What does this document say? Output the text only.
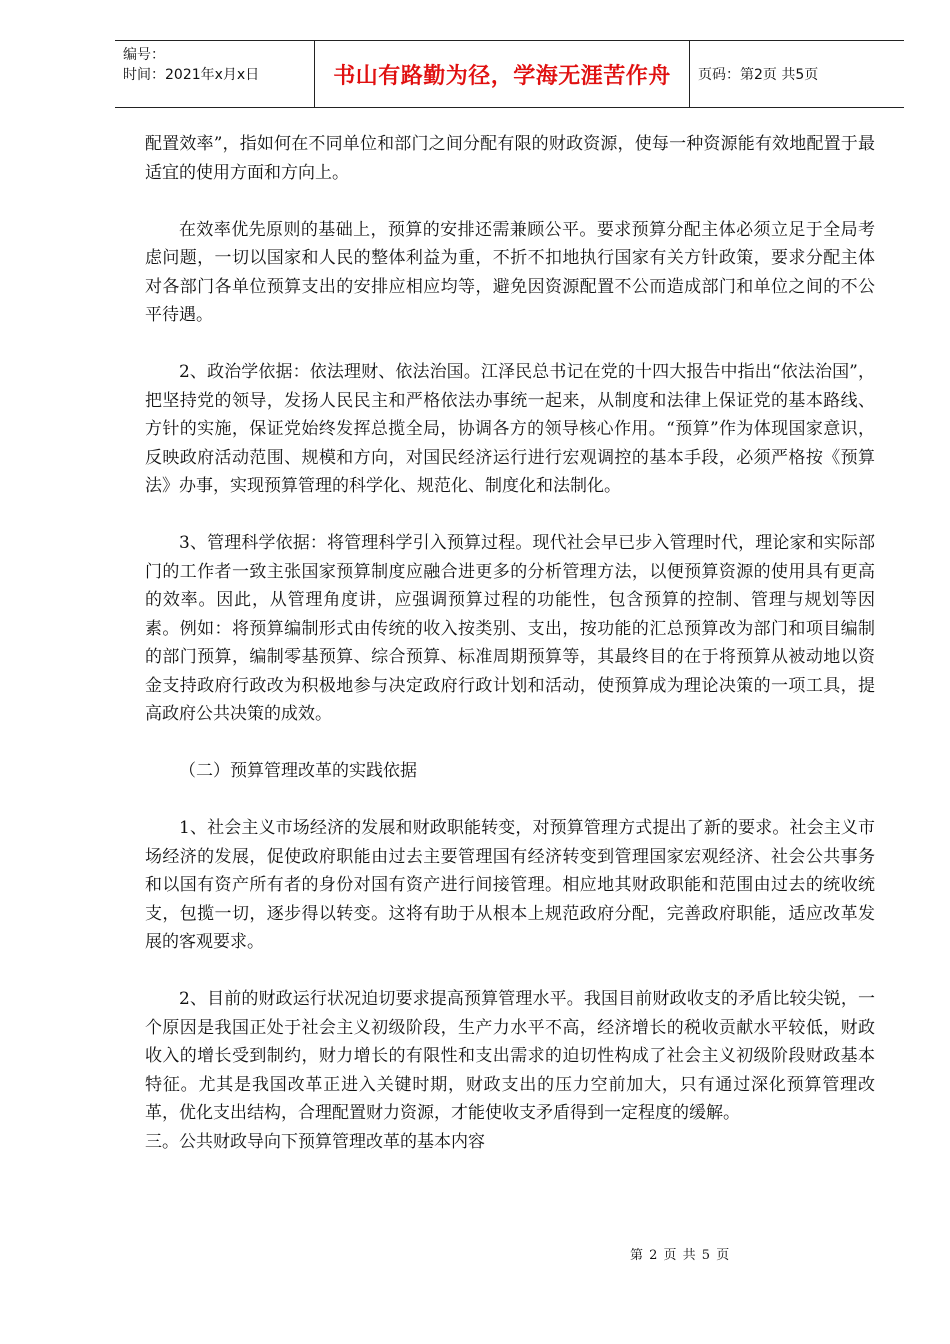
编号：
时间：2021年x月x日	书山有路勤为径，学海无涯苦作舟	页码：第2页 共5页

配置效率”，指如何在不同单位和部门之间分配有限的财政资源，使每一种资源能有效地配置于最适宜的使用方面和方向上。

在效率优先原则的基础上，预算的安排还需兼顾公平。要求预算分配主体必须立足于全局考虑问题，一切以国家和人民的整体利益为重，不折不扣地执行国家有关方针政策，要求分配主体对各部门各单位预算支出的安排应相应均等，避免因资源配置不公而造成部门和单位之间的不公平待遇。

2、政治学依据：依法理财、依法治国。江泽民总书记在党的十四大报告中指出“依法治国”，把坚持党的领导，发扬人民民主和严格依法办事统一起来，从制度和法律上保证党的基本路线、方针的实施，保证党始终发挥总揽全局，协调各方的领导核心作用。“预算”作为体现国家意识，反映政府活动范围、规模和方向，对国民经济运行进行宏观调控的基本手段，必须严格按《预算法》办事，实现预算管理的科学化、规范化、制度化和法制化。

3、管理科学依据：将管理科学引入预算过程。现代社会早已步入管理时代，理论家和实际部门的工作者一致主张国家预算制度应融合进更多的分析管理方法，以便预算资源的使用具有更高的效率。因此，从管理角度讲，应强调预算过程的功能性，包含预算的控制、管理与规划等因素。例如：将预算编制形式由传统的收入按类别、支出，按功能的汇总预算改为部门和项目编制的部门预算，编制零基预算、综合预算、标准周期预算等，其最终目的在于将预算从被动地以资金支持政府行政改为积极地参与决定政府行政计划和活动，使预算成为理论决策的一项工具，提高政府公共决策的成效。

（二）预算管理改革的实践依据

1、社会主义市场经济的发展和财政职能转变，对预算管理方式提出了新的要求。社会主义市场经济的发展，促使政府职能由过去主要管理国有经济转变到管理国家宏观经济、社会公共事务和以国有资产所有者的身份对国有资产进行间接管理。相应地其财政职能和范围由过去的统收统支，包揽一切，逐步得以转变。这将有助于从根本上规范政府分配，完善政府职能，适应改革发展的客观要求。

2、目前的财政运行状况迫切要求提高预算管理水平。我国目前财政收支的矛盾比较尖锐，一个原因是我国正处于社会主义初级阶段，生产力水平不高，经济增长的税收贡献水平较低，财政收入的增长受到制约，财力增长的有限性和支出需求的迫切性构成了社会主义初级阶段财政基本特征。尤其是我国改革正进入关键时期，财政支出的压力空前加大，只有通过深化预算管理改革，优化支出结构，合理配置财力资源，才能使收支矛盾得到一定程度的缓解。

三。公共财政导向下预算管理改革的基本内容

第 2 页 共 5 页
